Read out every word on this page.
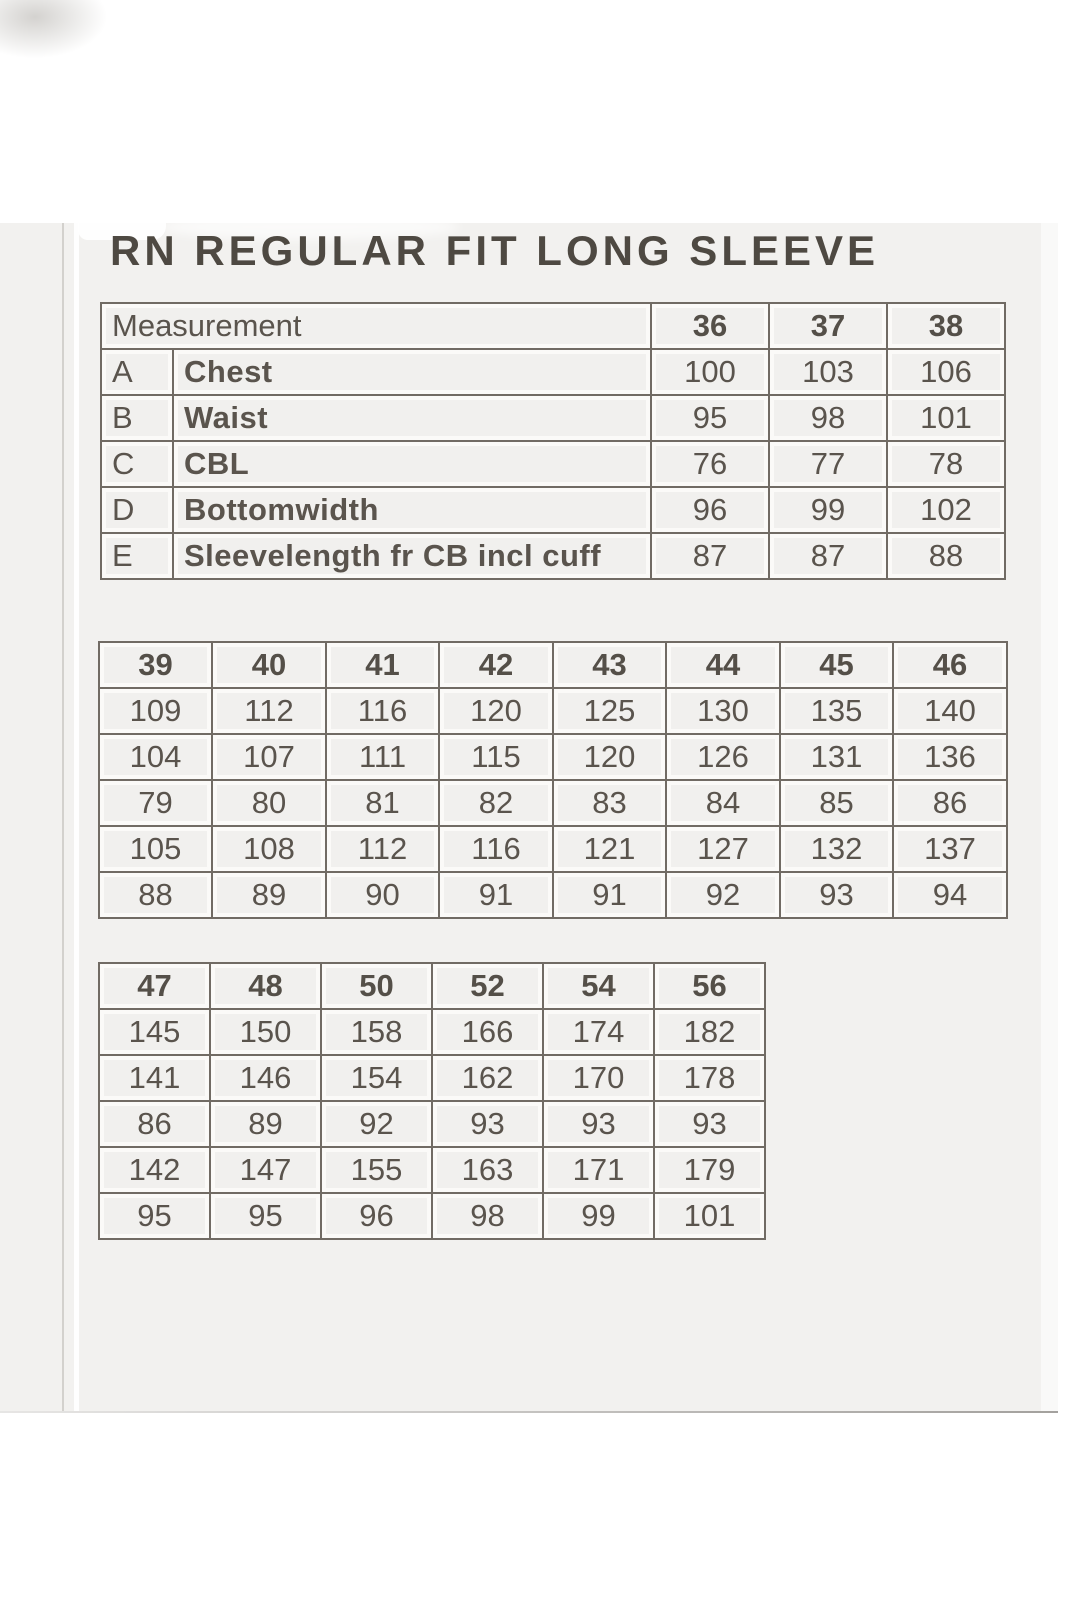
RN REGULAR FIT LONG SLEEVE
Measurement		36	37	38
A	Chest	100	103	106
B	Waist	95	98	101
C	CBL	76	77	78
D	Bottomwidth	96	99	102
E	Sleevelength fr CB incl cuff	87	87	88
39	40	41	42	43	44	45	46
109	112	116	120	125	130	135	140
104	107	111	115	120	126	131	136
79	80	81	82	83	84	85	86
105	108	112	116	121	127	132	137
88	89	90	91	91	92	93	94
47	48	50	52	54	56
145	150	158	166	174	182
141	146	154	162	170	178
86	89	92	93	93	93
142	147	155	163	171	179
95	95	96	98	99	101
